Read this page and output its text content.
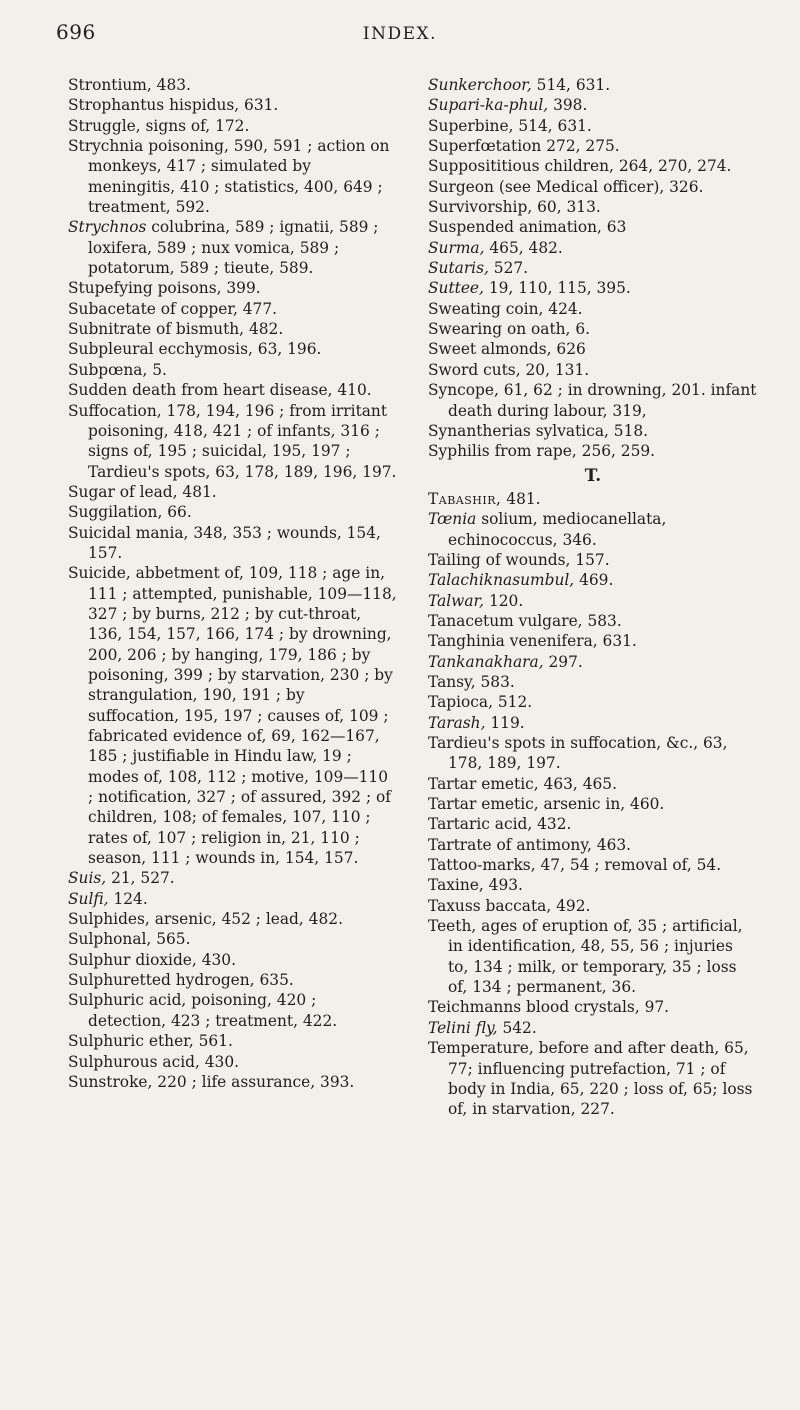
696	INDEX.

Strontium, 483.

Strophantus hispidus, 631.

Struggle, signs of, 172.

Strychnia poisoning, 590, 591 ; action on monkeys, 417 ; simulated by meningitis, 410 ; statistics, 400, 649 ; treatment, 592.

Strychnos colubrina, 589 ; ignatii, 589 ; loxifera, 589 ; nux vomica, 589 ; potatorum, 589 ; tieute, 589.

Stupefying poisons, 399.

Subacetate of copper, 477.

Subnitrate of bismuth, 482.

Subpleural ecchymosis, 63, 196.

Subpœna, 5.

Sudden death from heart disease, 410.

Suffocation, 178, 194, 196 ; from irritant poisoning, 418, 421 ; of infants, 316 ; signs of, 195 ; suicidal, 195, 197 ; Tardieu's spots, 63, 178, 189, 196, 197.

Sugar of lead, 481.

Suggilation, 66.

Suicidal mania, 348, 353 ; wounds, 154, 157.

Suicide, abbetment of, 109, 118 ; age in, 111 ; attempted, punishable, 109—118, 327 ; by burns, 212 ; by cut-throat, 136, 154, 157, 166, 174 ; by drowning, 200, 206 ; by hanging, 179, 186 ; by poisoning, 399 ; by starvation, 230 ; by strangulation, 190, 191 ; by suffocation, 195, 197 ; causes of, 109 ; fabricated evidence of, 69, 162—167, 185 ; justifiable in Hindu law, 19 ; modes of, 108, 112 ; motive, 109—110 ; notification, 327 ; of assured, 392 ; of children, 108; of females, 107, 110 ; rates of, 107 ; religion in, 21, 110 ; season, 111 ; wounds in, 154, 157.

Suis, 21, 527.

Sulfi, 124.

Sulphides, arsenic, 452 ; lead, 482.

Sulphonal, 565.

Sulphur dioxide, 430.

Sulphuretted hydrogen, 635.

Sulphuric acid, poisoning, 420 ; detection, 423 ; treatment, 422.

Sulphuric ether, 561.

Sulphurous acid, 430.

Sunstroke, 220 ; life assurance, 393.

Sunkerchoor, 514, 631.

Supari-ka-phul, 398.

Superbine, 514, 631.

Superfœtation 272, 275.

Supposititious children, 264, 270, 274.

Surgeon (see Medical officer), 326.

Survivorship, 60, 313.

Suspended animation, 63

Surma, 465, 482.

Sutaris, 527.

Suttee, 19, 110, 115, 395.

Sweating coin, 424.

Swearing on oath, 6.

Sweet almonds, 626

Sword cuts, 20, 131.

Syncope, 61, 62 ; in drowning, 201. infant death during labour, 319,

Synantherias sylvatica, 518.

Syphilis from rape, 256, 259.

T.

Tabashir, 481.

Tœnia solium, mediocanellata, echinococcus, 346.

Tailing of wounds, 157.

Talachiknasumbul, 469.

Talwar, 120.

Tanacetum vulgare, 583.

Tanghinia venenifera, 631.

Tankanakhara, 297.

Tansy, 583.

Tapioca, 512.

Tarash, 119.

Tardieu's spots in suffocation, &c., 63, 178, 189, 197.

Tartar emetic, 463, 465.

Tartar emetic, arsenic in, 460.

Tartaric acid, 432.

Tartrate of antimony, 463.

Tattoo-marks, 47, 54 ; removal of, 54.

Taxine, 493.

Taxuss baccata, 492.

Teeth, ages of eruption of, 35 ; artificial, in identification, 48, 55, 56 ; injuries to, 134 ; milk, or temporary, 35 ; loss of, 134 ; permanent, 36.

Teichmanns blood crystals, 97.

Telini fly, 542.

Temperature, before and after death, 65, 77; influencing putrefaction, 71 ; of body in India, 65, 220 ; loss of, 65; loss of, in starvation, 227.
